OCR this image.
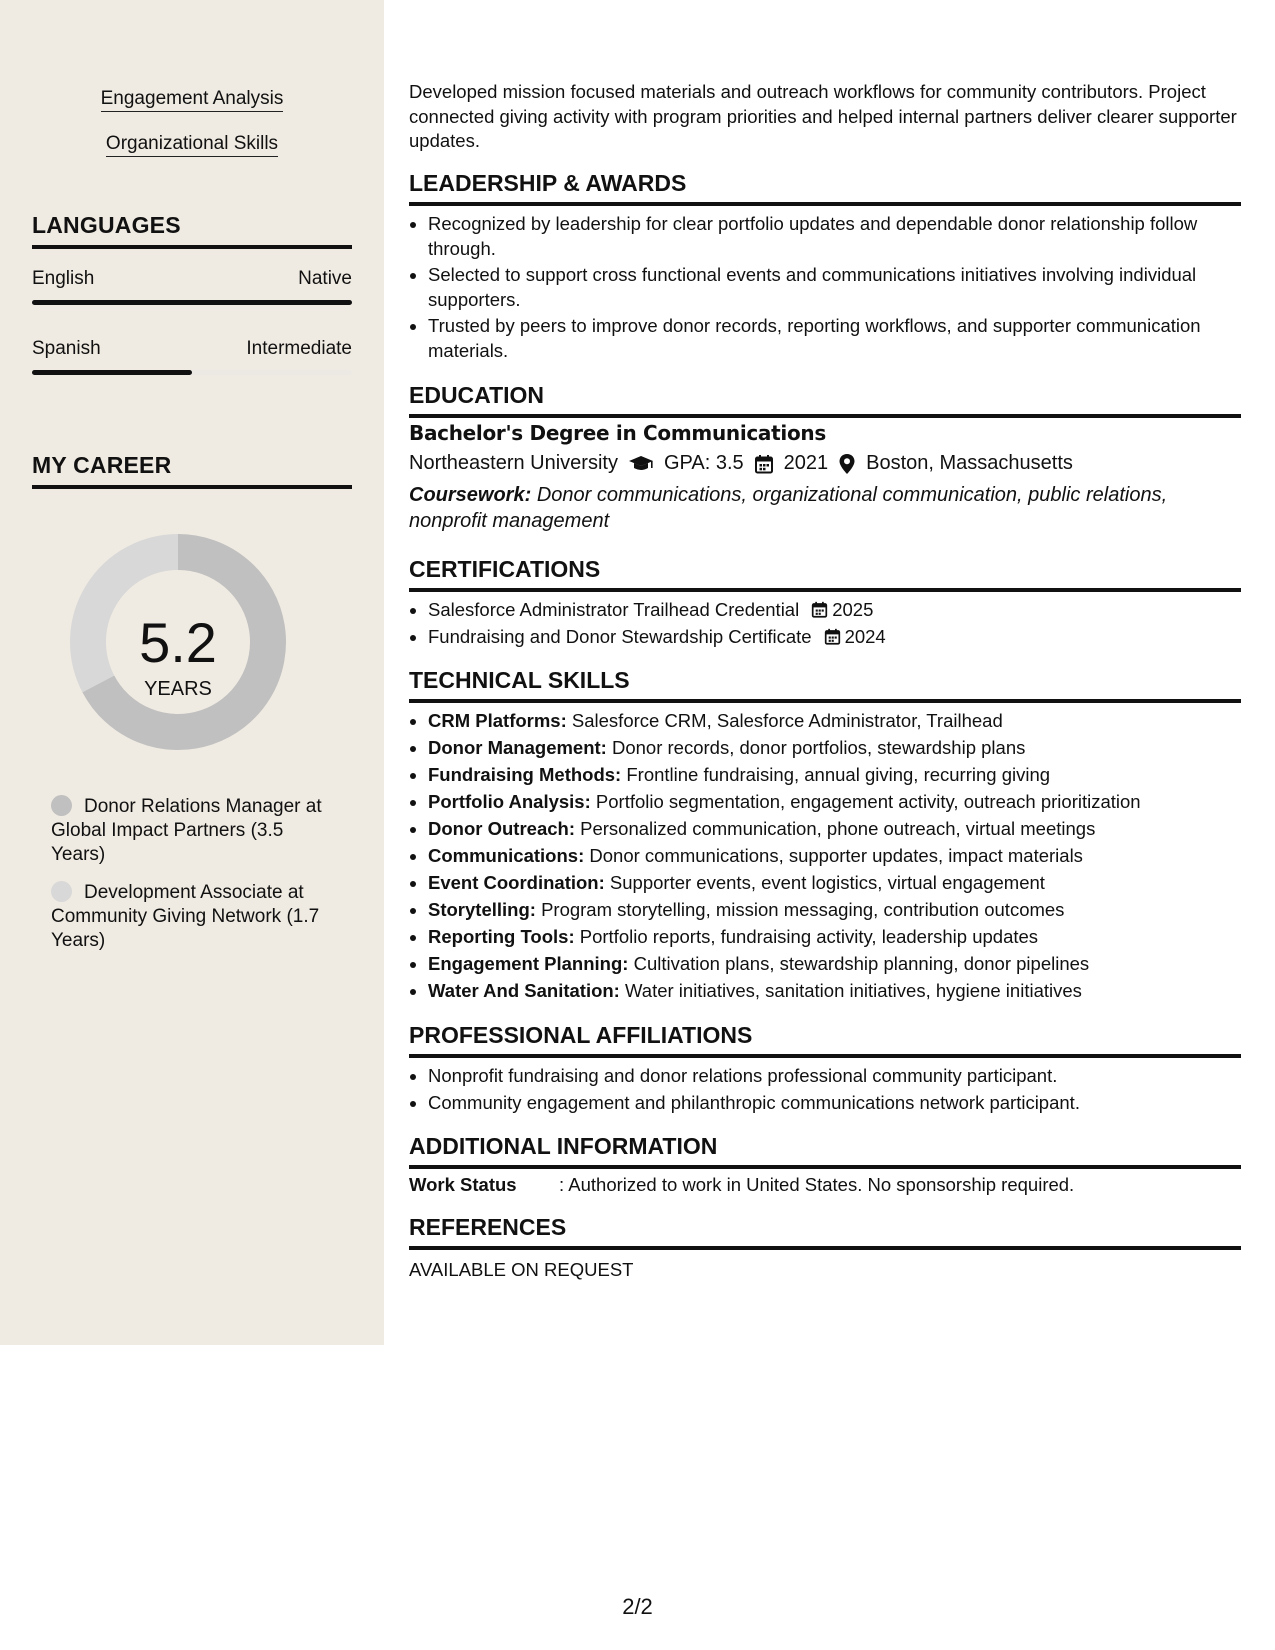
Engagement Analysis
Organizational Skills
LANGUAGES
English	Native
Spanish	Intermediate
MY CAREER
5.2
YEARS
Donor Relations Manager at Global Impact Partners (3.5 Years)
Development Associate at Community Giving Network (1.7 Years)
Developed mission focused materials and outreach workflows for community contributors. Project connected giving activity with program priorities and helped internal partners deliver clearer supporter updates.
LEADERSHIP & AWARDS
• Recognized by leadership for clear portfolio updates and dependable donor relationship follow through.
• Selected to support cross functional events and communications initiatives involving individual supporters.
• Trusted by peers to improve donor records, reporting workflows, and supporter communication materials.
EDUCATION
Bachelor's Degree in Communications
Northeastern University GPA: 3.5 2021 Boston, Massachusetts
Coursework: Donor communications, organizational communication, public relations, nonprofit management
CERTIFICATIONS
• Salesforce Administrator Trailhead Credential 2025
• Fundraising and Donor Stewardship Certificate 2024
TECHNICAL SKILLS
• CRM Platforms: Salesforce CRM, Salesforce Administrator, Trailhead
• Donor Management: Donor records, donor portfolios, stewardship plans
• Fundraising Methods: Frontline fundraising, annual giving, recurring giving
• Portfolio Analysis: Portfolio segmentation, engagement activity, outreach prioritization
• Donor Outreach: Personalized communication, phone outreach, virtual meetings
• Communications: Donor communications, supporter updates, impact materials
• Event Coordination: Supporter events, event logistics, virtual engagement
• Storytelling: Program storytelling, mission messaging, contribution outcomes
• Reporting Tools: Portfolio reports, fundraising activity, leadership updates
• Engagement Planning: Cultivation plans, stewardship planning, donor pipelines
• Water And Sanitation: Water initiatives, sanitation initiatives, hygiene initiatives
PROFESSIONAL AFFILIATIONS
• Nonprofit fundraising and donor relations professional community participant.
• Community engagement and philanthropic communications network participant.
ADDITIONAL INFORMATION
Work Status	: Authorized to work in United States. No sponsorship required.
REFERENCES
AVAILABLE ON REQUEST
2/2
